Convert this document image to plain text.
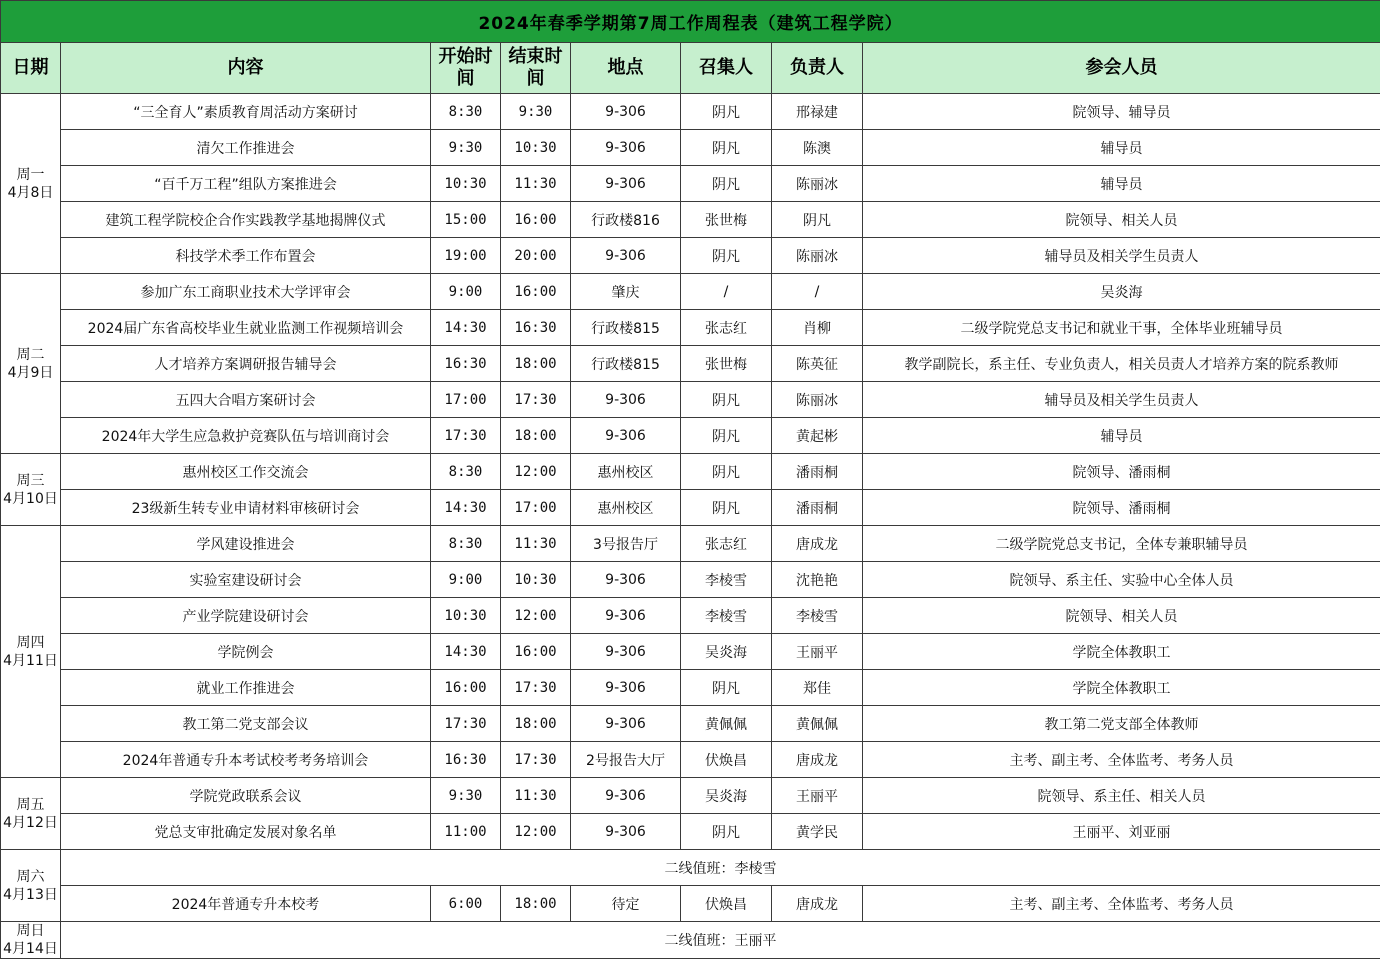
2024年春季学期第7周工作周程表（建筑工程学院）							
日期	内容	开始时间	结束时间	地点	召集人	负责人	参会人员

周一
4月8日	“三全育人”素质教育周活动方案研讨	8:30	9:30	9-306	阴凡	邢禄建	院领导、辅导员
	清欠工作推进会	9:30	10:30	9-306	阴凡	陈澳	辅导员
	“百千万工程”组队方案推进会	10:30	11:30	9-306	阴凡	陈丽冰	辅导员
	建筑工程学院校企合作实践教学基地揭牌仪式	15:00	16:00	行政楼816	张世梅	阴凡	院领导、相关人员
	科技学术季工作布置会	19:00	20:00	9-306	阴凡	陈丽冰	辅导员及相关学生员责人

周二
4月9日	参加广东工商职业技术大学评审会	9:00	16:00	肇庆	/	/	吴炎海
	2024届广东省高校毕业生就业监测工作视频培训会	14:30	16:30	行政楼815	张志红	肖柳	二级学院党总支书记和就业干事，全体毕业班辅导员
	人才培养方案调研报告辅导会	16:30	18:00	行政楼815	张世梅	陈英征	教学副院长，系主任、专业负责人，相关员责人才培养方案的院系教师
	五四大合唱方案研讨会	17:00	17:30	9-306	阴凡	陈丽冰	辅导员及相关学生员责人
	2024年大学生应急救护竞赛队伍与培训商讨会	17:30	18:00	9-306	阴凡	黄起彬	辅导员

周三
4月10日	惠州校区工作交流会	8:30	12:00	惠州校区	阴凡	潘雨桐	院领导、潘雨桐
	23级新生转专业申请材料审核研讨会	14:30	17:00	惠州校区	阴凡	潘雨桐	院领导、潘雨桐

周四
4月11日	学风建设推进会	8:30	11:30	3号报告厅	张志红	唐成龙	二级学院党总支书记，全体专兼职辅导员
	实验室建设研讨会	9:00	10:30	9-306	李棱雪	沈艳艳	院领导、系主任、实验中心全体人员
	产业学院建设研讨会	10:30	12:00	9-306	李棱雪	李棱雪	院领导、相关人员
	学院例会	14:30	16:00	9-306	吴炎海	王丽平	学院全体教职工
	就业工作推进会	16:00	17:30	9-306	阴凡	郑佳	学院全体教职工
	教工第二党支部会议	17:30	18:00	9-306	黄佩佩	黄佩佩	教工第二党支部全体教师
	2024年普通专升本考试校考考务培训会	16:30	17:30	2号报告大厅	伏焕昌	唐成龙	主考、副主考、全体监考、考务人员

周五
4月12日	学院党政联系会议	9:30	11:30	9-306	吴炎海	王丽平	院领导、系主任、相关人员
	党总支审批确定发展对象名单	11:00	12:00	9-306	阴凡	黄学民	王丽平、刘亚丽

周六
4月13日	二线值班：李棱雪						
	2024年普通专升本校考	6:00	18:00	待定	伏焕昌	唐成龙	主考、副主考、全体监考、考务人员

周日
4月14日	二线值班：王丽平						
